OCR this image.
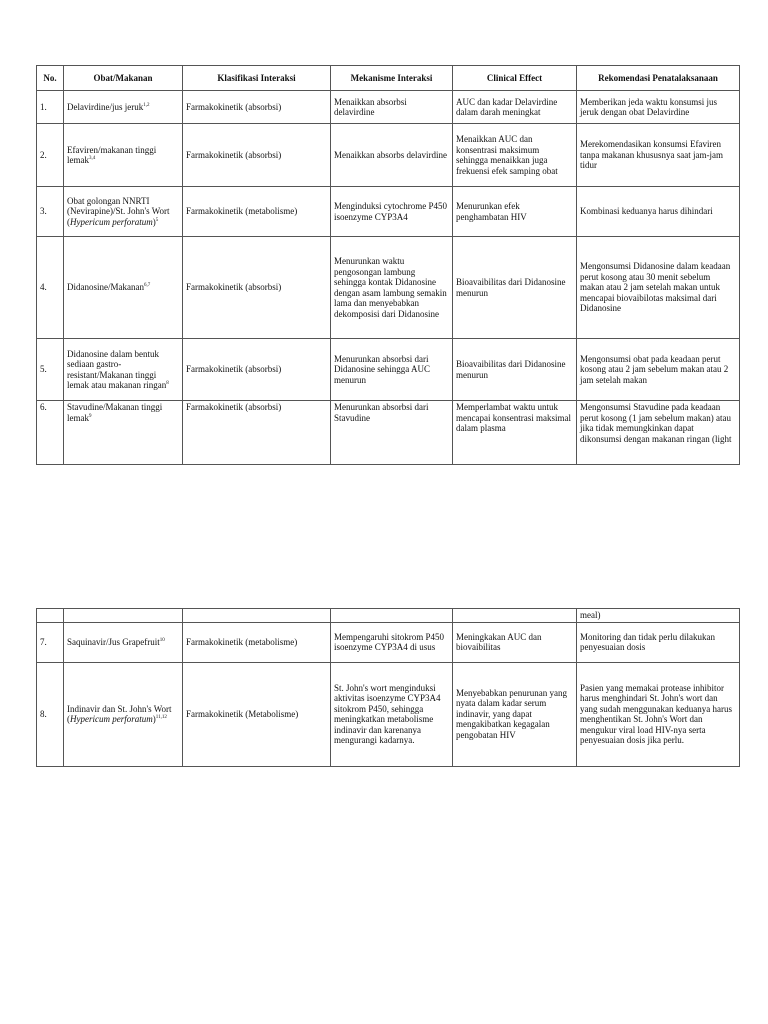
No.	Obat/Makanan	Klasifikasi Interaksi	Mekanisme Interaksi	Clinical Effect	Rekomendasi Penatalaksanaan
1.	Delavirdine/jus jeruk$^{1,2}$	Farmakokinetik (absorbsi)	Menaikkan absorbsi delavirdine	AUC dan kadar Delavirdine dalam darah meningkat	Memberikan jeda waktu konsumsi jus jeruk dengan obat Delavirdine
2.	Efaviren/makanan tinggi lemak$^{3,4}$	Farmakokinetik (absorbsi)	Menaikkan absorbs delavirdine	Menaikkan AUC dan konsentrasi maksimum sehingga menaikkan juga frekuensi efek samping obat	Merekomendasikan konsumsi Efaviren tanpa makanan khususnya saat jam-jam tidur
3.	Obat golongan NNRTI (Nevirapine)/St. John's Wort (Hypericum perforatum)$^5$	Farmakokinetik (metabolisme)	Menginduksi cytochrome P450 isoenzyme CYP3A4	Menurunkan efek penghambatan HIV	Kombinasi keduanya harus dihindari
4.	Didanosine/Makanan$^{6,7}$	Farmakokinetik (absorbsi)	Menurunkan waktu pengosongan lambung sehingga kontak Didanosine dengan asam lambung semakin lama dan menyebabkan dekomposisi dari Didanosine	Bioavaibilitas dari Didanosine menurun	Mengonsumsi Didanosine dalam keadaan perut kosong atau 30 menit sebelum makan atau 2 jam setelah makan untuk mencapai biovaibilotas maksimal dari Didanosine
5.	Didanosine dalam bentuk sediaan gastro-resistant/Makanan tinggi lemak atau makanan ringan$^8$	Farmakokinetik (absorbsi)	Menurunkan absorbsi dari Didanosine sehingga AUC menurun	Bioavaibilitas dari Didanosine menurun	Mengonsumsi obat pada keadaan perut kosong atau 2 jam sebelum makan atau 2 jam setelah makan
6.	Stavudine/Makanan tinggi lemak$^9$	Farmakokinetik (absorbsi)	Menurunkan absorbsi dari Stavudine	Memperlambat waktu untuk mencapai konsentrasi maksimal dalam plasma	Mengonsumsi Stavudine pada keadaan perut kosong (1 jam sebelum makan) atau jika tidak memungkinkan dapat dikonsumsi dengan makanan ringan (light
					meal)
7.	Saquinavir/Jus Grapefruit$^{10}$	Farmakokinetik (metabolisme)	Mempengaruhi sitokrom P450 isoenzyme CYP3A4 di usus	Meningkakan AUC dan biovaibilitas	Monitoring dan tidak perlu dilakukan penyesuaian dosis
8.	Indinavir dan St. John's Wort (Hypericum perforatum)$^{11,12}$	Farmakokinetik (Metabolisme)	St. John's wort menginduksi aktivitas isoenzyme CYP3A4 sitokrom P450, sehingga meningkatkan metabolisme indinavir dan karenanya mengurangi kadarnya.	Menyebabkan penurunan yang nyata dalam kadar serum indinavir, yang dapat mengakibatkan kegagalan pengobatan HIV	Pasien yang memakai protease inhibitor harus menghindari St. John's wort dan yang sudah menggunakan keduanya harus menghentikan St. John's Wort dan mengukur viral load HIV-nya serta penyesuaian dosis jika perlu.
